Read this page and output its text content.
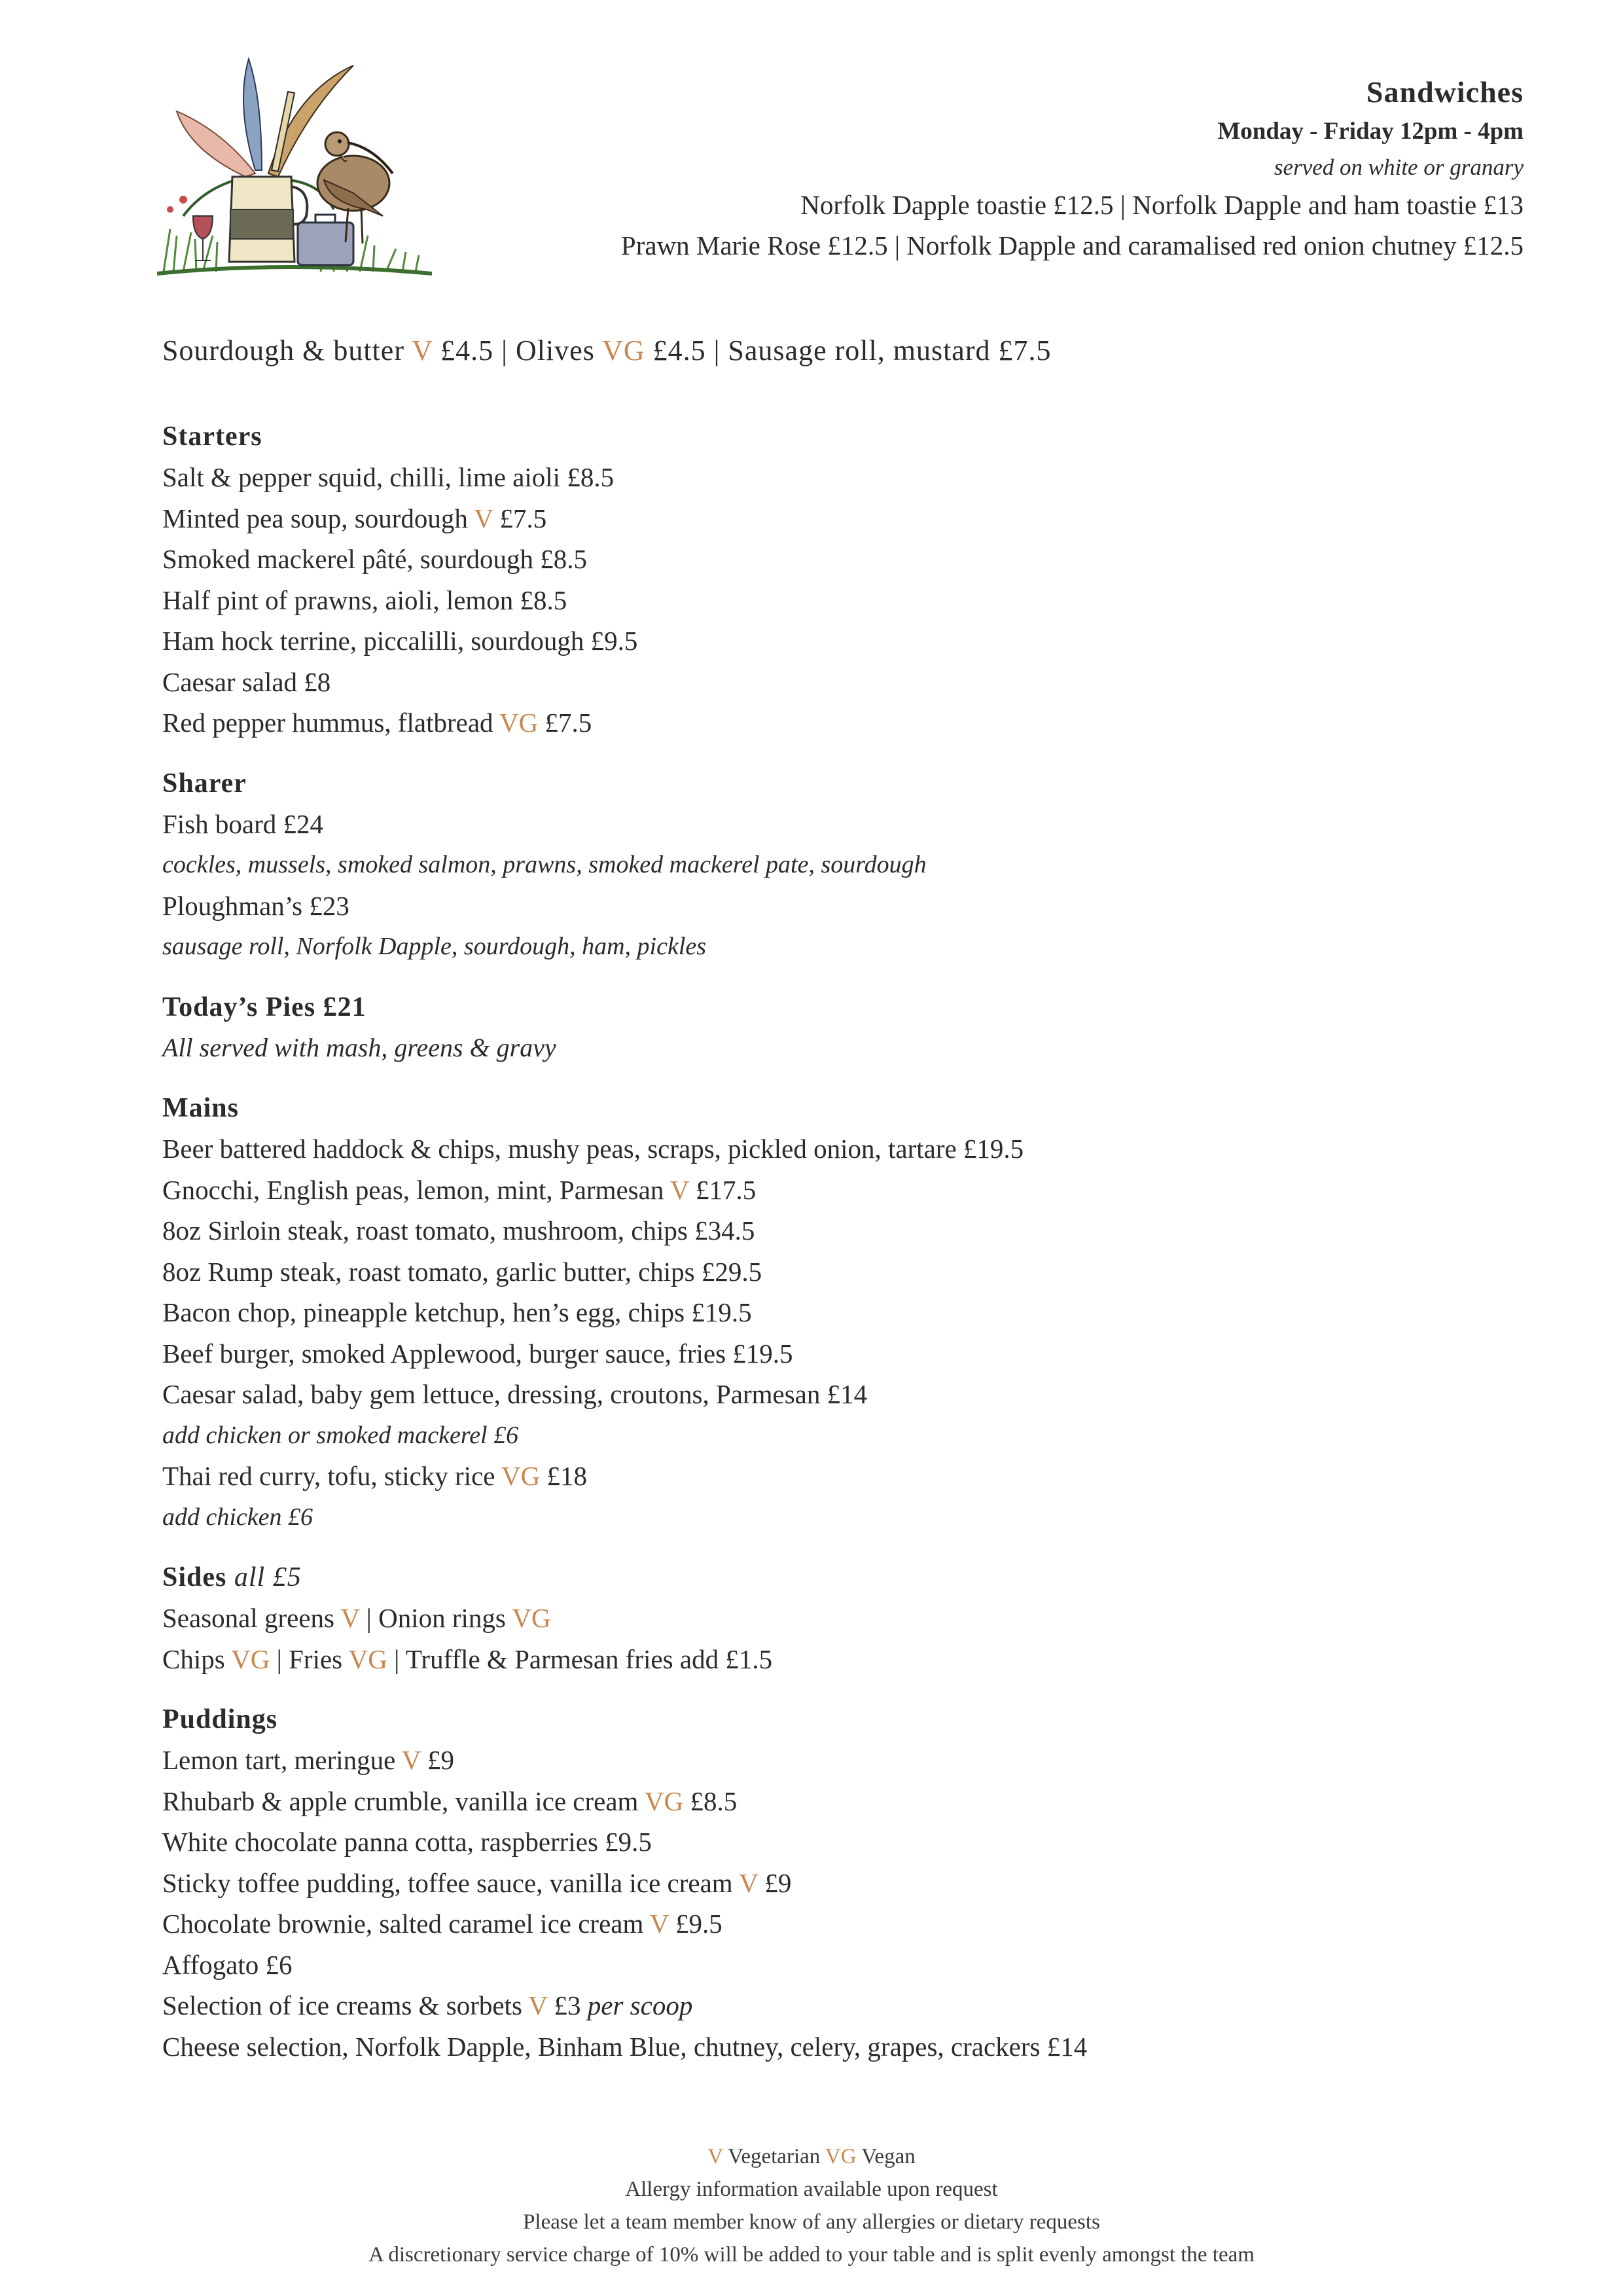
Sandwiches
Monday - Friday 12pm - 4pm
served on white or granary
Norfolk Dapple toastie £12.5 | Norfolk Dapple and ham toastie £13
Prawn Marie Rose £12.5 | Norfolk Dapple and caramalised red onion chutney £12.5
Sourdough & butter V £4.5 | Olives VG £4.5 | Sausage roll, mustard £7.5
Starters
Salt & pepper squid, chilli, lime aioli £8.5
Minted pea soup, sourdough V £7.5
Smoked mackerel pâté, sourdough £8.5
Half pint of prawns, aioli, lemon £8.5
Ham hock terrine, piccalilli, sourdough £9.5
Caesar salad £8
Red pepper hummus, flatbread VG £7.5
Sharer
Fish board £24
cockles, mussels, smoked salmon, prawns, smoked mackerel pate, sourdough
Ploughman’s £23
sausage roll, Norfolk Dapple, sourdough, ham, pickles
Today’s Pies £21
All served with mash, greens & gravy
Mains
Beer battered haddock & chips, mushy peas, scraps, pickled onion, tartare £19.5
Gnocchi, English peas, lemon, mint, Parmesan V £17.5
8oz Sirloin steak, roast tomato, mushroom, chips £34.5
8oz Rump steak, roast tomato, garlic butter, chips £29.5
Bacon chop, pineapple ketchup, hen’s egg, chips £19.5
Beef burger, smoked Applewood, burger sauce, fries £19.5
Caesar salad, baby gem lettuce, dressing, croutons, Parmesan £14
add chicken or smoked mackerel £6
Thai red curry, tofu, sticky rice VG £18
add chicken £6
Sides all £5
Seasonal greens V | Onion rings VG
Chips VG | Fries VG | Truffle & Parmesan fries add £1.5
Puddings
Lemon tart, meringue V £9
Rhubarb & apple crumble, vanilla ice cream VG £8.5
White chocolate panna cotta, raspberries £9.5
Sticky toffee pudding, toffee sauce, vanilla ice cream V £9
Chocolate brownie, salted caramel ice cream V £9.5
Affogato £6
Selection of ice creams & sorbets V £3 per scoop
Cheese selection, Norfolk Dapple, Binham Blue, chutney, celery, grapes, crackers £14
V Vegetarian VG Vegan
Allergy information available upon request
Please let a team member know of any allergies or dietary requests
A discretionary service charge of 10% will be added to your table and is split evenly amongst the team
